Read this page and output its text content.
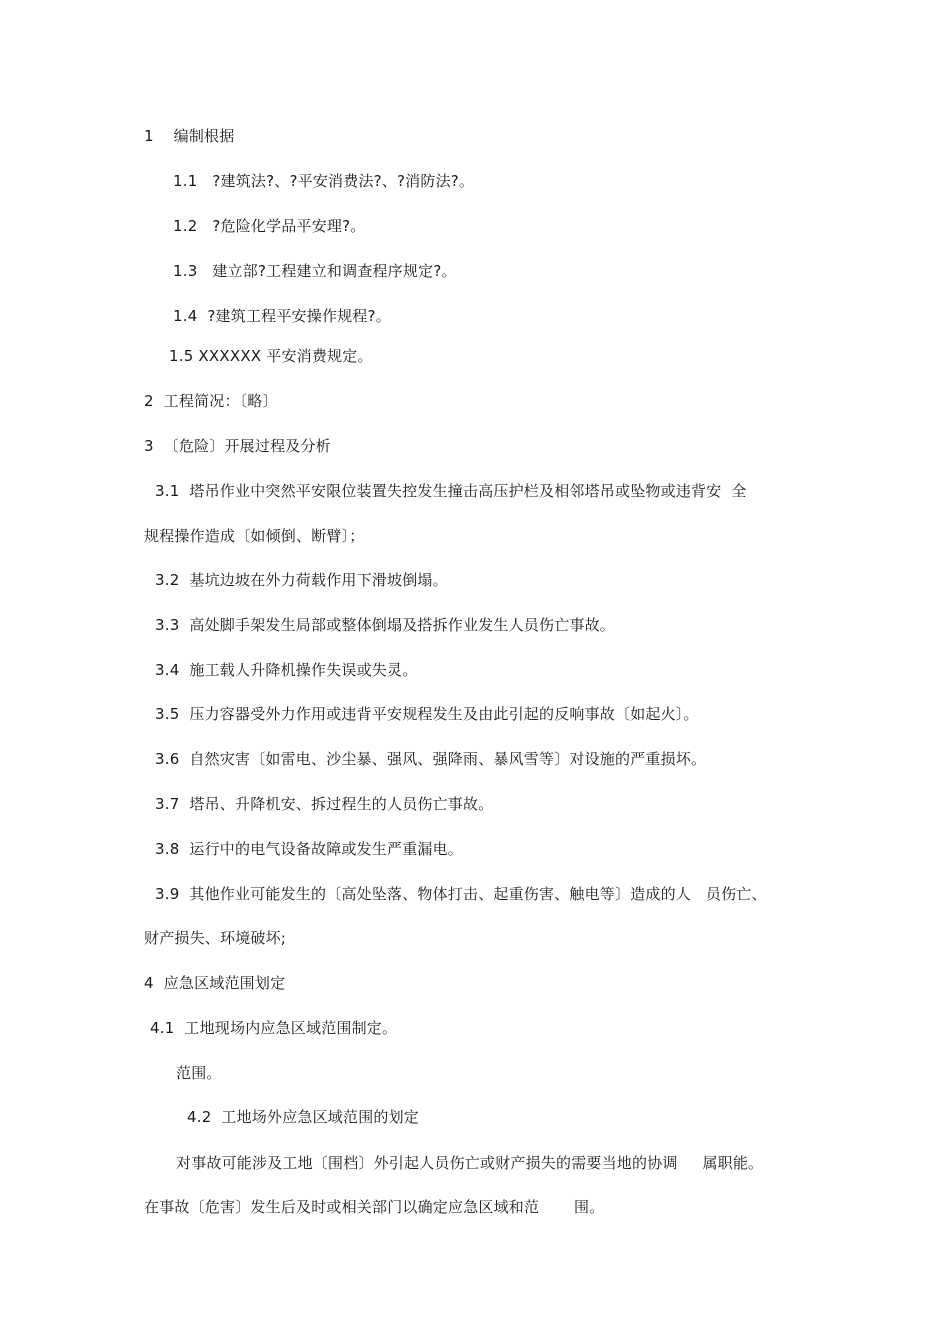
1    编制根据
1.1   ?建筑法?、?平安消费法?、?消防法?。
1.2   ?危险化学品平安理?。
1.3   建立部?工程建立和调查程序规定?。
1.4  ?建筑工程平安操作规程?。
1.5 XXXXXX 平安消费规定。
2  工程简况：〔略〕
3  〔危险〕开展过程及分析
3.1  塔吊作业中突然平安限位装置失控发生撞击高压护栏及相邻塔吊或坠物或违背安  全
规程操作造成〔如倾倒、断臂〕；
3.2  基坑边坡在外力荷载作用下滑坡倒塌。
3.3  高处脚手架发生局部或整体倒塌及搭拆作业发生人员伤亡事故。
3.4  施工载人升降机操作失误或失灵。
3.5  压力容器受外力作用或违背平安规程发生及由此引起的反响事故〔如起火〕。
3.6  自然灾害〔如雷电、沙尘暴、强风、强降雨、暴风雪等〕对设施的严重损坏。
3.7  塔吊、升降机安、拆过程生的人员伤亡事故。
3.8  运行中的电气设备故障或发生严重漏电。
3.9  其他作业可能发生的〔高处坠落、物体打击、起重伤害、触电等〕造成的人   员伤亡、
财产损失、环境破坏;
4  应急区域范围划定
4.1  工地现场内应急区域范围制定。
范围。
4.2  工地场外应急区域范围的划定
对事故可能涉及工地〔围档〕外引起人员伤亡或财产损失的需要当地的协调     属职能。
在事故〔危害〕发生后及时或相关部门以确定应急区域和范       围。
